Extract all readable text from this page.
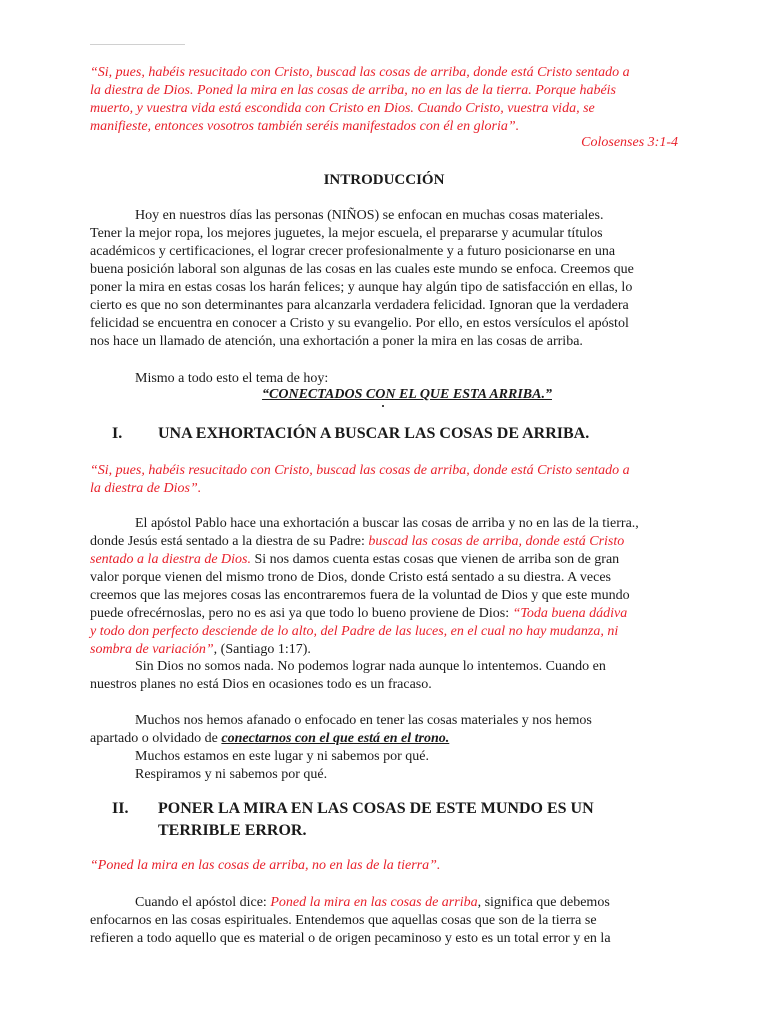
“Si, pues, habéis resucitado con Cristo, buscad las cosas de arriba, donde está Cristo sentado a
la diestra de Dios. Poned la mira en las cosas de arriba, no en las de la tierra. Porque habéis
muerto, y vuestra vida está escondida con Cristo en Dios. Cuando Cristo, vuestra vida, se
manifieste, entonces vosotros también seréis manifestados con él en gloria”.
Colosenses 3:1-4
INTRODUCCIÓN
Hoy en nuestros días las personas (NIÑOS) se enfocan en muchas cosas materiales.
Tener la mejor ropa, los mejores juguetes, la mejor escuela, el prepararse y acumular títulos
académicos y certificaciones, el lograr crecer profesionalmente y a futuro posicionarse en una
buena posición laboral son algunas de las cosas en las cuales este mundo se enfoca. Creemos que
poner la mira en estas cosas los harán felices; y aunque hay algún tipo de satisfacción en ellas, lo
cierto es que no son determinantes para alcanzarla verdadera felicidad. Ignoran que la verdadera
felicidad se encuentra en conocer a Cristo y su evangelio. Por ello, en estos versículos el apóstol
nos hace un llamado de atención, una exhortación a poner la mira en las cosas de arriba.
Mismo a todo esto el tema de hoy:
“CONECTADOS CON EL QUE ESTA ARRIBA.”
I. UNA EXHORTACIÓN A BUSCAR LAS COSAS DE ARRIBA.
“Si, pues, habéis resucitado con Cristo, buscad las cosas de arriba, donde está Cristo sentado a
la diestra de Dios”.
El apóstol Pablo hace una exhortación a buscar las cosas de arriba y no en las de la tierra.,
donde Jesús está sentado a la diestra de su Padre: buscad las cosas de arriba, donde está Cristo
sentado a la diestra de Dios. Si nos damos cuenta estas cosas que vienen de arriba son de gran
valor porque vienen del mismo trono de Dios, donde Cristo está sentado a su diestra. A veces
creemos que las mejores cosas las encontraremos fuera de la voluntad de Dios y que este mundo
puede ofrecérnoslas, pero no es asi ya que todo lo bueno proviene de Dios: “Toda buena dádiva
y todo don perfecto desciende de lo alto, del Padre de las luces, en el cual no hay mudanza, ni
sombra de variación”, (Santiago 1:17).
Sin Dios no somos nada. No podemos lograr nada aunque lo intentemos. Cuando en
nuestros planes no está Dios en ocasiones todo es un fracaso.
Muchos nos hemos afanado o enfocado en tener las cosas materiales y nos hemos
apartado o olvidado de conectarnos con el que está en el trono.
Muchos estamos en este lugar y ni sabemos por qué.
Respiramos y ni sabemos por qué.
II. PONER LA MIRA EN LAS COSAS DE ESTE MUNDO ES UN
TERRIBLE ERROR.
“Poned la mira en las cosas de arriba, no en las de la tierra”.
Cuando el apóstol dice: Poned la mira en las cosas de arriba, significa que debemos
enfocarnos en las cosas espirituales. Entendemos que aquellas cosas que son de la tierra se
refieren a todo aquello que es material o de origen pecaminoso y esto es un total error y en la
